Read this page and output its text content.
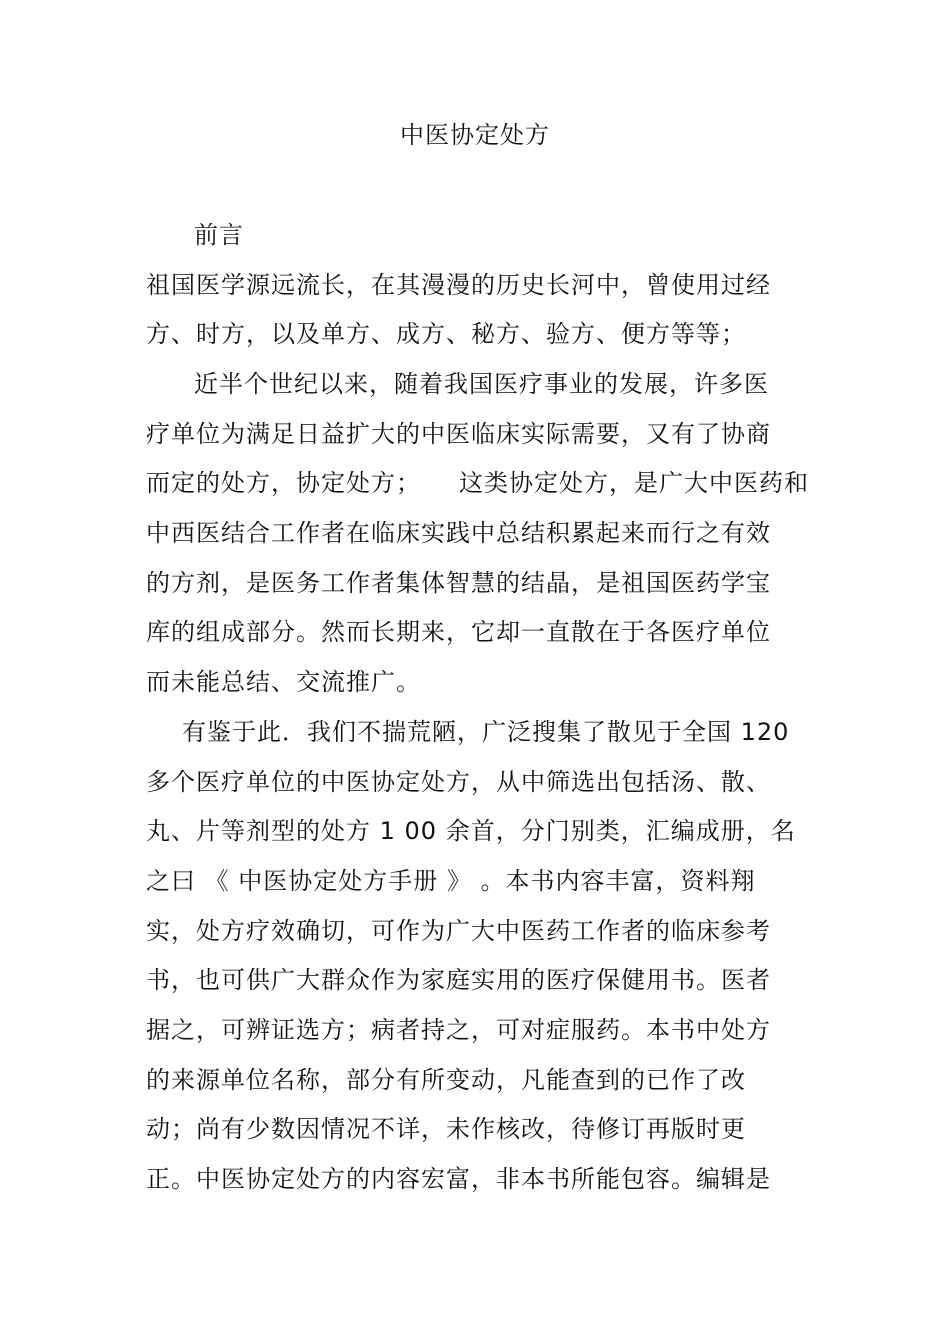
中医协定处方
前言
祖国医学源远流长，在其漫漫的历史长河中，曾使用过经
方、时方，以及单方、成方、秘方、验方、便方等等；
近半个世纪以来，随着我国医疗事业的发展，许多医
疗单位为满足日益扩大的中医临床实际需要，又有了协商
而定的处方，协定处方；　　这类协定处方，是广大中医药和
中西医结合工作者在临床实践中总结积累起来而行之有效
的方剂，是医务工作者集体智慧的结晶，是祖国医药学宝
库的组成部分。然而长期来，它却一直散在于各医疗单位
而未能总结、交流推广。
有鉴于此．我们不揣荒陋，广泛搜集了散见于全国 120
多个医疗单位的中医协定处方，从中筛选出包括汤、散、
丸、片等剂型的处方 1 00 余首，分门别类，汇编成册，名
之曰 《 中医协定处方手册 》 。本书内容丰富，资料翔
实，处方疗效确切，可作为广大中医药工作者的临床参考
书，也可供广大群众作为家庭实用的医疗保健用书。医者
据之，可辨证选方；病者持之，可对症服药。本书中处方
的来源单位名称，部分有所变动，凡能查到的已作了改
动；尚有少数因情况不详，未作核改，待修订再版时更
正。中医协定处方的内容宏富，非本书所能包容。编辑是
